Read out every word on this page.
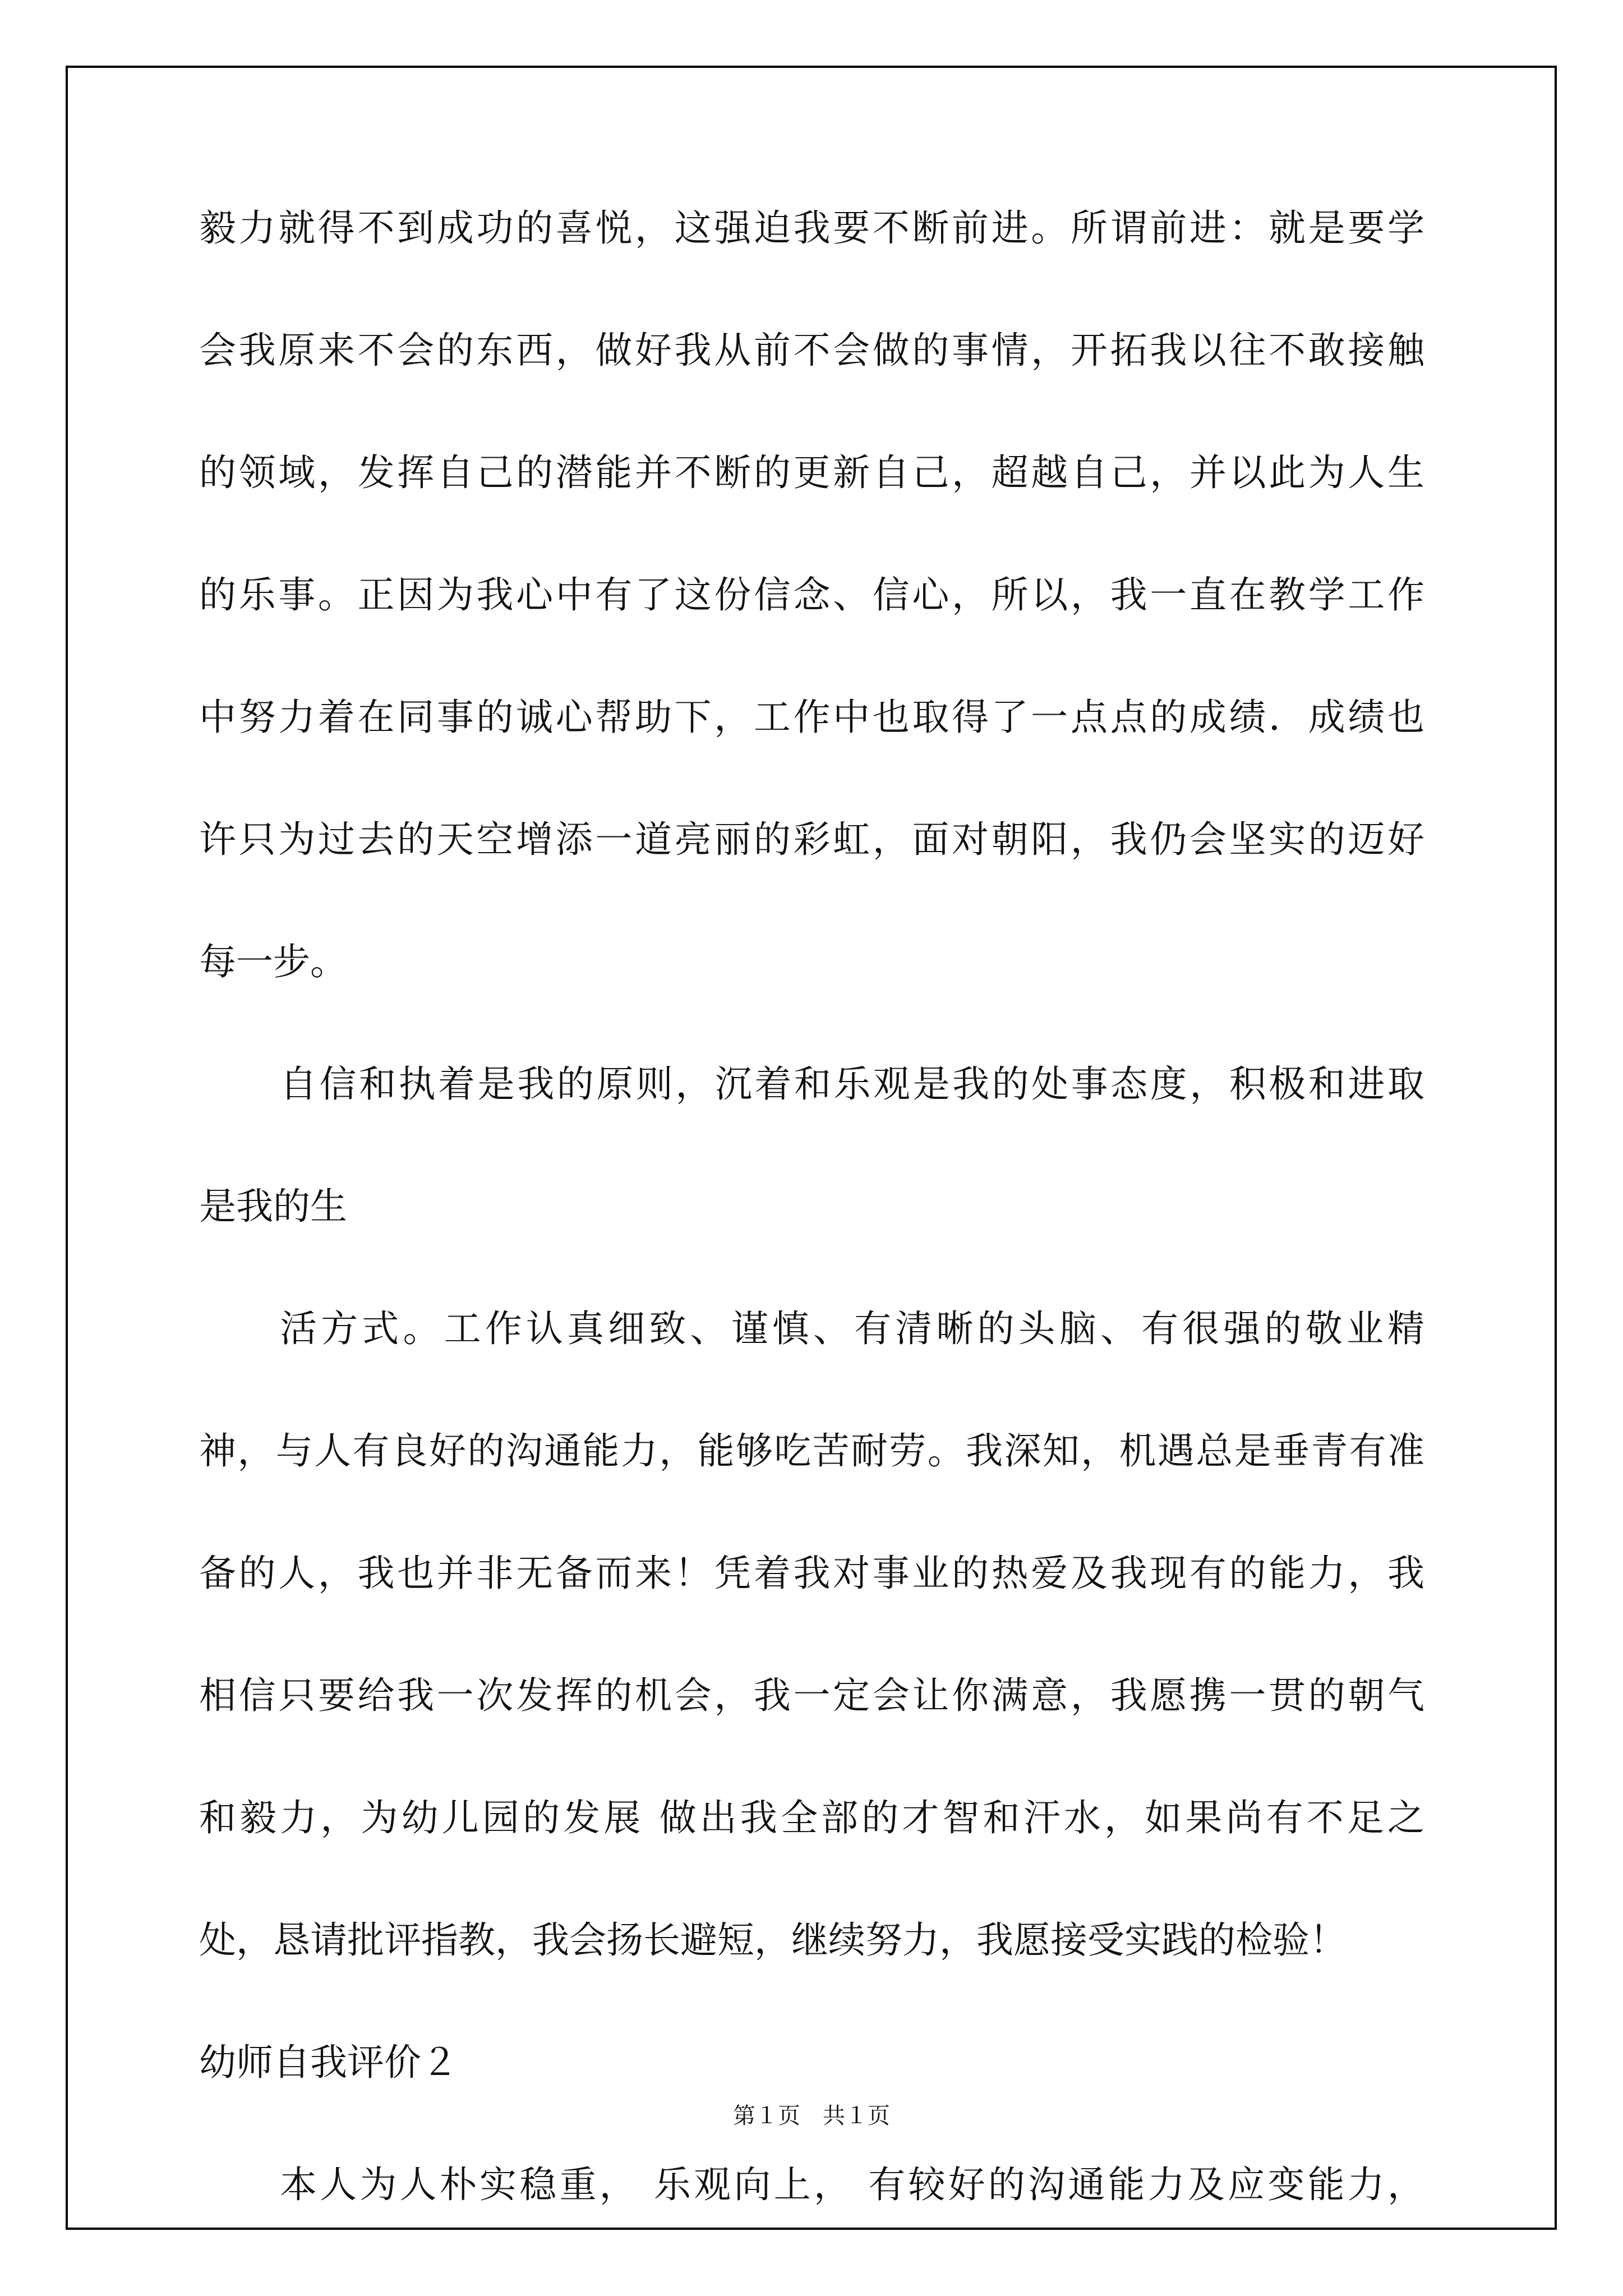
毅力就得不到成功的喜悦，这强迫我要不断前进。所谓前进：就是要学
会我原来不会的东西，做好我从前不会做的事情，开拓我以往不敢接触
的领域，发挥自己的潜能并不断的更新自己，超越自己，并以此为人生
的乐事。正因为我心中有了这份信念、信心，所以，我一直在教学工作
中努力着在同事的诚心帮助下，工作中也取得了一点点的成绩．成绩也
许只为过去的天空增添一道亮丽的彩虹，面对朝阳，我仍会坚实的迈好
每一步。
自信和执着是我的原则，沉着和乐观是我的处事态度，积极和进取
是我的生
活方式。工作认真细致、谨慎、有清晰的头脑、有很强的敬业精
神，与人有良好的沟通能力，能够吃苦耐劳。我深知，机遇总是垂青有准
备的人，我也并非无备而来！凭着我对事业的热爱及我现有的能力，我
相信只要给我一次发挥的机会，我一定会让你满意，我愿携一贯的朝气
和毅力，为幼儿园的发展 做出我全部的才智和汗水，如果尚有不足之
处，恳请批评指教，我会扬长避短，继续努力，我愿接受实践的检验！
幼师自我评价２
本人为人朴实稳重， 乐观向上， 有较好的沟通能力及应变能力，
第１页　共１页
